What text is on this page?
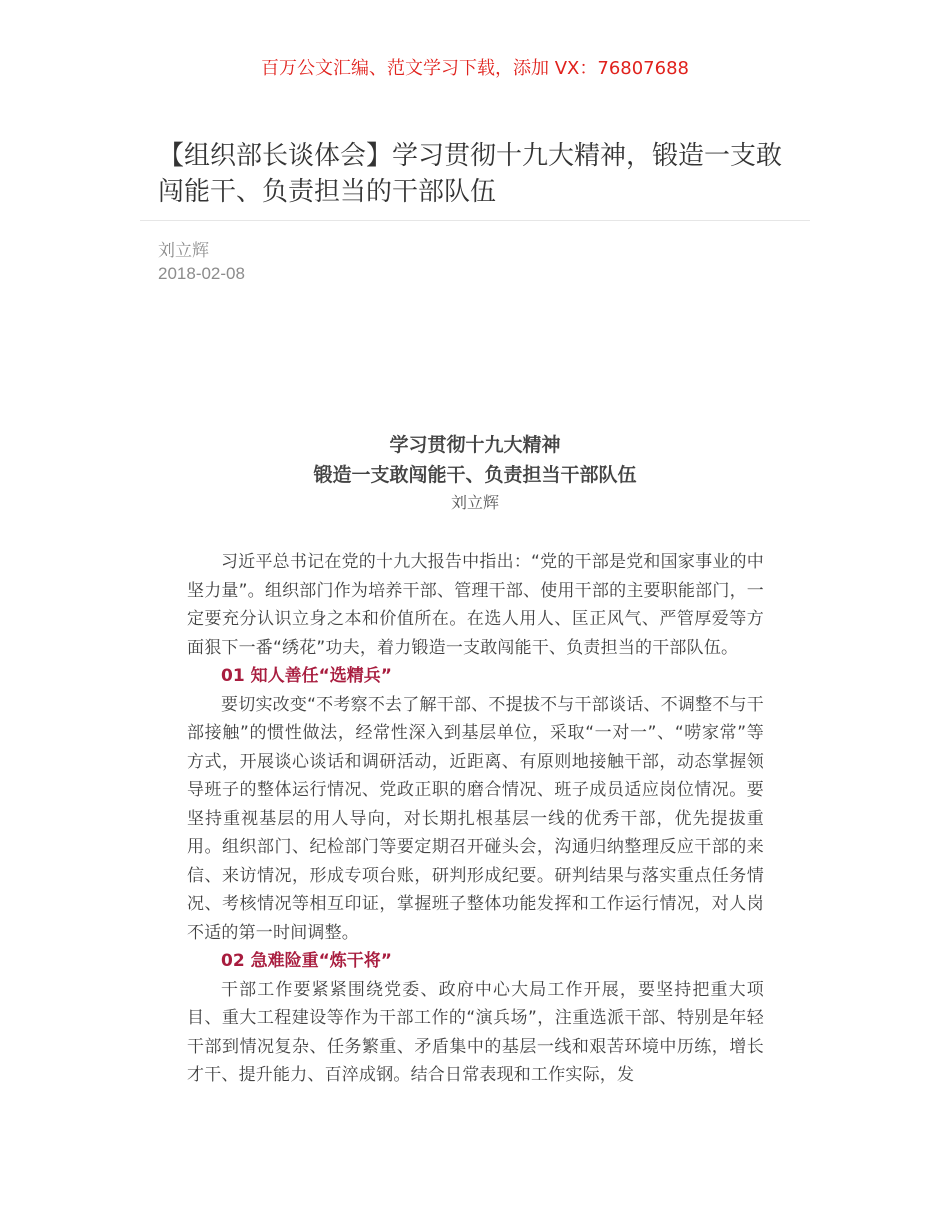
百万公文汇编、范文学习下载，添加 VX：76807688
【组织部长谈体会】学习贯彻十九大精神，锻造一支敢闯能干、负责担当的干部队伍
刘立辉
2018-02-08
学习贯彻十九大精神
锻造一支敢闯能干、负责担当干部队伍
刘立辉

习近平总书记在党的十九大报告中指出：“党的干部是党和国家事业的中坚力量”。组织部门作为培养干部、管理干部、使用干部的主要职能部门，一定要充分认识立身之本和价值所在。在选人用人、匡正风气、严管厚爱等方面狠下一番“绣花”功夫，着力锻造一支敢闯能干、负责担当的干部队伍。

01 知人善任“选精兵”

要切实改变“不考察不去了解干部、不提拔不与干部谈话、不调整不与干部接触”的惯性做法，经常性深入到基层单位，采取“一对一”、“唠家常”等方式，开展谈心谈话和调研活动，近距离、有原则地接触干部，动态掌握领导班子的整体运行情况、党政正职的磨合情况、班子成员适应岗位情况。要坚持重视基层的用人导向，对长期扎根基层一线的优秀干部，优先提拔重用。组织部门、纪检部门等要定期召开碰头会，沟通归纳整理反应干部的来信、来访情况，形成专项台账，研判形成纪要。研判结果与落实重点任务情况、考核情况等相互印证，掌握班子整体功能发挥和工作运行情况，对人岗不适的第一时间调整。

02 急难险重“炼干将”

干部工作要紧紧围绕党委、政府中心大局工作开展，要坚持把重大项目、重大工程建设等作为干部工作的“演兵场”，注重选派干部、特别是年轻干部到情况复杂、任务繁重、矛盾集中的基层一线和艰苦环境中历练，增长才干、提升能力、百淬成钢。结合日常表现和工作实际，发
